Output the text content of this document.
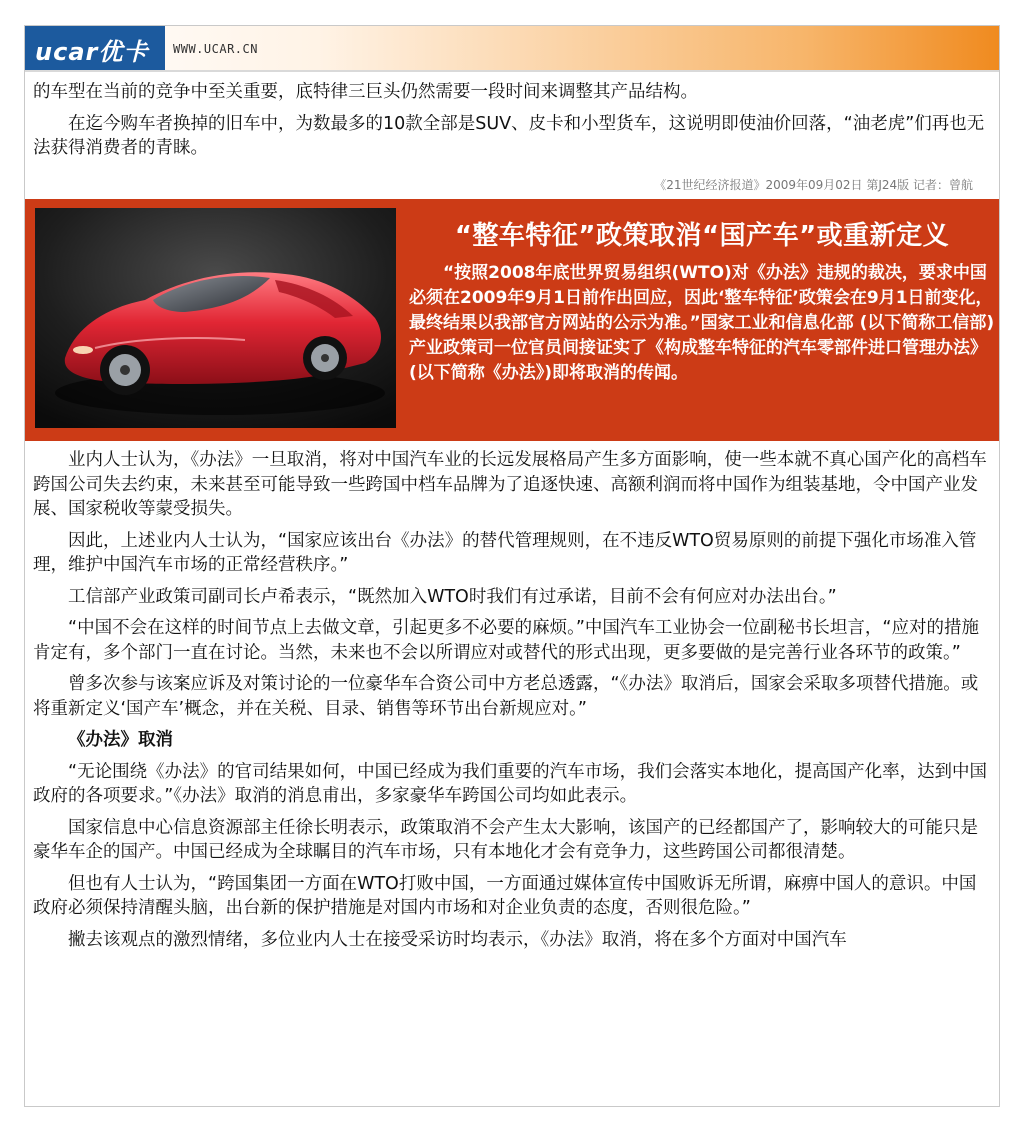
ucar优卡 WWW.UCAR.CN

的车型在当前的竞争中至关重要，底特律三巨头仍然需要一段时间来调整其产品结构。

在迄今购车者换掉的旧车中，为数最多的10款全部是SUV、皮卡和小型货车，这说明即使油价回落，“油老虎”们再也无法获得消费者的青睐。

《21世纪经济报道》2009年09月02日 第J24版 记者：曾航
“整车特征”政策取消“国产车”或重新定义

“按照2008年底世界贸易组织(WTO)对《办法》违规的裁决，要求中国必须在2009年9月1日前作出回应，因此‘整车特征’政策会在9月1日前变化，最终结果以我部官方网站的公示为准。”国家工业和信息化部 (以下简称工信部)产业政策司一位官员间接证实了《构成整车特征的汽车零部件进口管理办法》(以下简称《办法》)即将取消的传闻。

业内人士认为，《办法》一旦取消，将对中国汽车业的长远发展格局产生多方面影响，使一些本就不真心国产化的高档车跨国公司失去约束，未来甚至可能导致一些跨国中档车品牌为了追逐快速、高额利润而将中国作为组装基地，令中国产业发展、国家税收等蒙受损失。

因此，上述业内人士认为，“国家应该出台《办法》的替代管理规则，在不违反WTO贸易原则的前提下强化市场准入管理，维护中国汽车市场的正常经营秩序。”

工信部产业政策司副司长卢希表示，“既然加入WTO时我们有过承诺，目前不会有何应对办法出台。”

“中国不会在这样的时间节点上去做文章，引起更多不必要的麻烦。”中国汽车工业协会一位副秘书长坦言，“应对的措施肯定有，多个部门一直在讨论。当然，未来也不会以所谓应对或替代的形式出现，更多要做的是完善行业各环节的政策。”

曾多次参与该案应诉及对策讨论的一位豪华车合资公司中方老总透露，“《办法》取消后，国家会采取多项替代措施。或将重新定义‘国产车’概念，并在关税、目录、销售等环节出台新规应对。”

《办法》取消

“无论围绕《办法》的官司结果如何，中国已经成为我们重要的汽车市场，我们会落实本地化，提高国产化率，达到中国政府的各项要求。”《办法》取消的消息甫出，多家豪华车跨国公司均如此表示。

国家信息中心信息资源部主任徐长明表示，政策取消不会产生太大影响，该国产的已经都国产了，影响较大的可能只是豪华车企的国产。中国已经成为全球瞩目的汽车市场，只有本地化才会有竞争力，这些跨国公司都很清楚。

但也有人士认为，“跨国集团一方面在WTO打败中国，一方面通过媒体宣传中国败诉无所谓，麻痹中国人的意识。中国政府必须保持清醒头脑，出台新的保护措施是对国内市场和对企业负责的态度，否则很危险。”

撇去该观点的激烈情绪，多位业内人士在接受采访时均表示，《办法》取消，将在多个方面对中国汽车
